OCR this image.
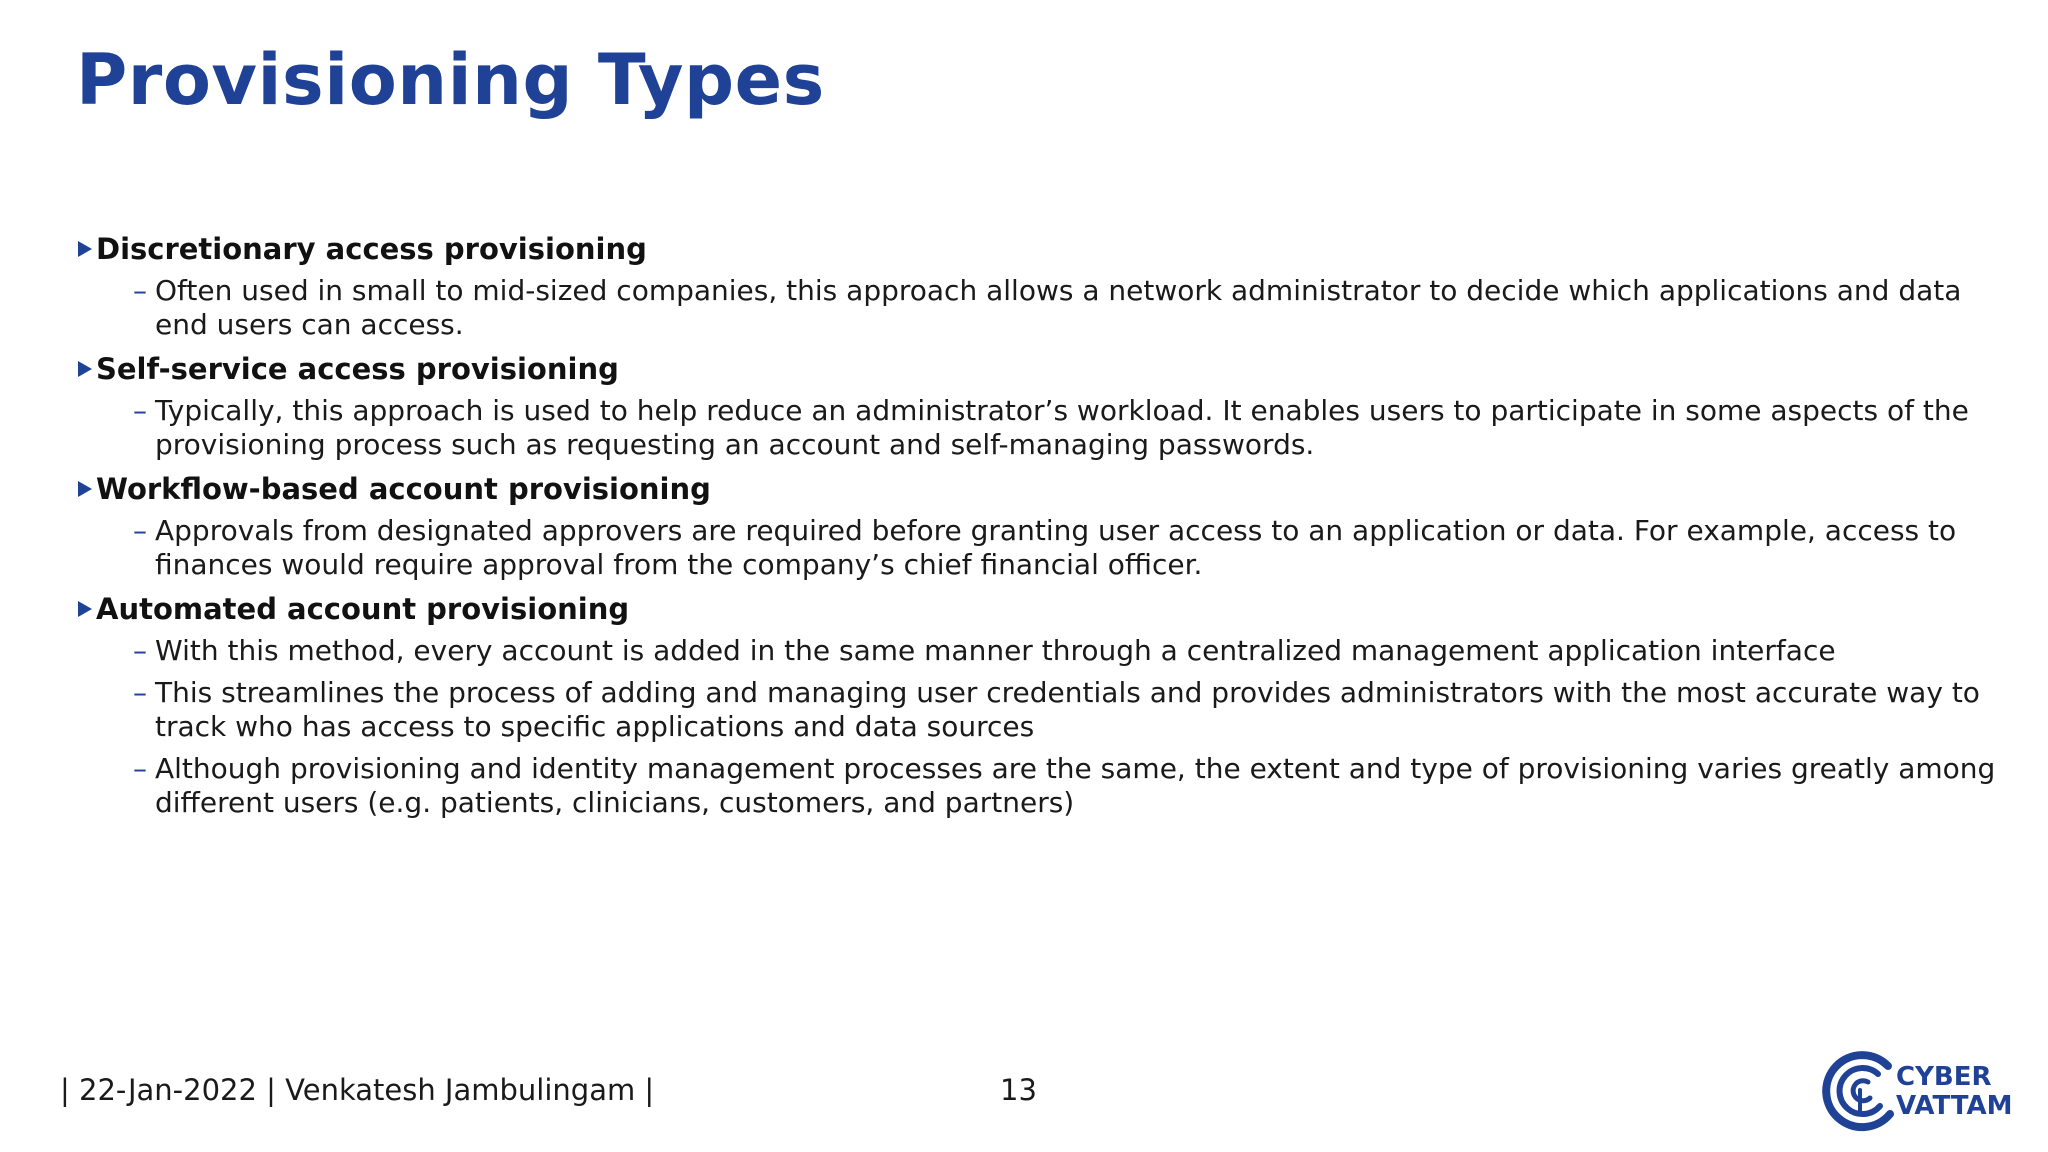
Provisioning Types
Discretionary access provisioning
– Often used in small to mid-sized companies, this approach allows a network administrator to decide which applications and data end users can access.
Self-service access provisioning
– Typically, this approach is used to help reduce an administrator’s workload. It enables users to participate in some aspects of the provisioning process such as requesting an account and self-managing passwords.
Workflow-based account provisioning
– Approvals from designated approvers are required before granting user access to an application or data. For example, access to finances would require approval from the company’s chief financial officer.
Automated account provisioning
– With this method, every account is added in the same manner through a centralized management application interface
– This streamlines the process of adding and managing user credentials and provides administrators with the most accurate way to track who has access to specific applications and data sources
– Although provisioning and identity management processes are the same, the extent and type of provisioning varies greatly among different users (e.g. patients, clinicians, customers, and partners)
| 22-Jan-2022 | Venkatesh Jambulingam |	13	CYBER
VATTAM
